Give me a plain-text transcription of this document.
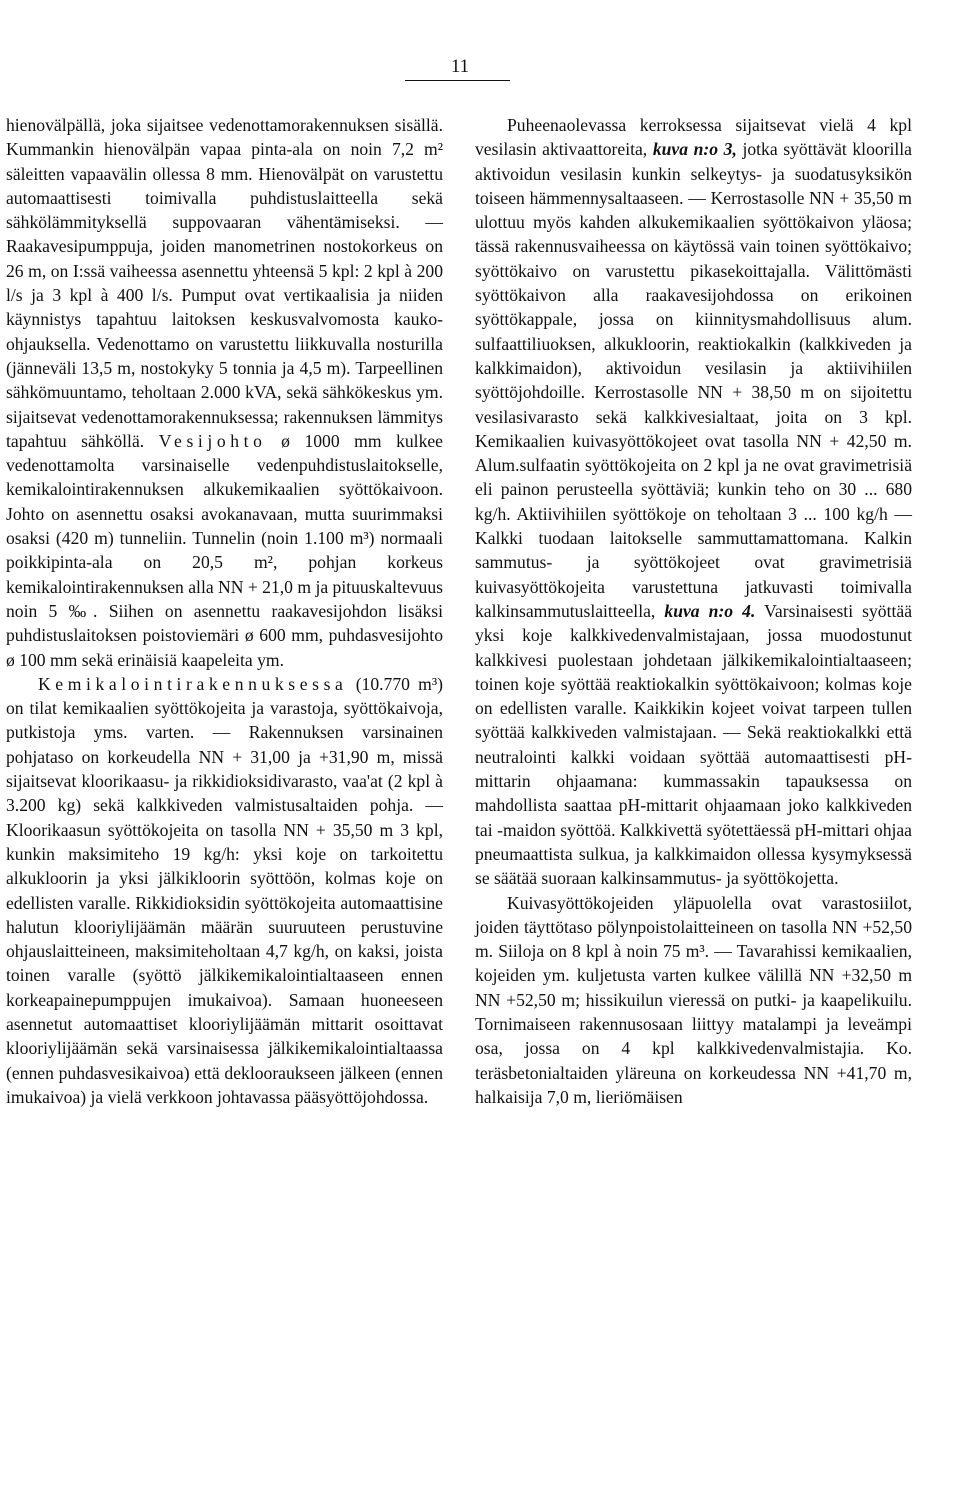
11

hienovälpällä, joka sijaitsee vedenottamorakennuksen sisällä. Kummankin hienovälpän vapaa pinta-ala on noin 7,2 m² säleitten vapaavälin ollessa 8 mm. Hienovälpät on varustettu automaattisesti toimivalla puhdistuslaitteella sekä sähkölämmityksellä suppovaaran vähentämiseksi. — Raakavesipumppuja, joiden manometrinen nostokorkeus on 26 m, on I:ssä vaiheessa asennettu yhteensä 5 kpl: 2 kpl à 200 l/s ja 3 kpl à 400 l/s. Pumput ovat vertikaalisia ja niiden käynnistys tapahtuu laitoksen keskusvalvomosta kauko-ohjauksella. Vedenottamo on varustettu liikkuvalla nosturilla (jänneväli 13,5 m, nostokyky 5 tonnia ja 4,5 m). Tarpeellinen sähkömuuntamo, teholtaan 2.000 kVA, sekä sähkökeskus ym. sijaitsevat vedenottamorakennuksessa; rakennuksen lämmitys tapahtuu sähköllä. Vesijohto ø 1000 mm kulkee vedenottamolta varsinaiselle vedenpuhdistuslaitokselle, kemikalointirakennuksen alkukemikaalien syöttökaivoon. Johto on asennettu osaksi avokanavaan, mutta suurimmaksi osaksi (420 m) tunneliin. Tunnelin (noin 1.100 m³) normaali poikkipinta-ala on 20,5 m², pohjan korkeus kemikalointirakennuksen alla NN + 21,0 m ja pituuskaltevuus noin 5 ‰. Siihen on asennettu raakavesijohdon lisäksi puhdistuslaitoksen poistoviemäri ø 600 mm, puhdasvesijohto ø 100 mm sekä erinäisiä kaapeleita ym.

Kemikalointirakennuksessa (10.770 m³) on tilat kemikaalien syöttökojeita ja varastoja, syöttökaivoja, putkistoja yms. varten. — Rakennuksen varsinainen pohjataso on korkeudella NN + 31,00 ja +31,90 m, missä sijaitsevat kloorikaasu- ja rikkidioksidivarasto, vaa'at (2 kpl à 3.200 kg) sekä kalkkiveden valmistusaltaiden pohja. — Kloorikaasun syöttökojeita on tasolla NN + 35,50 m 3 kpl, kunkin maksimiteho 19 kg/h: yksi koje on tarkoitettu alkukloorin ja yksi jälkikloorin syöttöön, kolmas koje on edellisten varalle. Rikkidioksidin syöttökojeita automaattisine halutun klooriylijäämän määrän suuruuteen perustuvine ohjauslaitteineen, maksimiteholtaan 4,7 kg/h, on kaksi, joista toinen varalle (syöttö jälkikemikalointialtaaseen ennen korkeapainepumppujen imukaivoa). Samaan huoneeseen asennetut automaattiset klooriylijäämän mittarit osoittavat klooriylijäämän sekä varsinaisessa jälkikemikalointialtaassa (ennen puhdasvesikaivoa) että deklooraukseen jälkeen (ennen imukaivoa) ja vielä verkkoon johtavassa pääsyöttöjohdossa.

Puheenaolevassa kerroksessa sijaitsevat vielä 4 kpl vesilasin aktivaattoreita, kuva n:o 3, jotka syöttävät kloorilla aktivoidun vesilasin kunkin selkeytys- ja suodatusyksikön toiseen hämmennysaltaaseen. — Kerrostasolle NN + 35,50 m ulottuu myös kahden alkukemikaalien syöttökaivon yläosa; tässä rakennusvaiheessa on käytössä vain toinen syöttökaivo; syöttökaivo on varustettu pikasekoittajalla. Välittömästi syöttökaivon alla raakavesijohdossa on erikoinen syöttökappale, jossa on kiinnitysmahdollisuus alum. sulfaattiliuoksen, alkukloorin, reaktiokalkin (kalkkiveden ja kalkkimaidon), aktivoidun vesilasin ja aktiivihiilen syöttöjohdoille. Kerrostasolle NN + 38,50 m on sijoitettu vesilasivarasto sekä kalkkivesialtaat, joita on 3 kpl. Kemikaalien kuivasyöttökojeet ovat tasolla NN + 42,50 m. Alum.sulfaatin syöttökojeita on 2 kpl ja ne ovat gravimetrisiä eli painon perusteella syöttäviä; kunkin teho on 30 ... 680 kg/h. Aktiivihiilen syöttökoje on teholtaan 3 ... 100 kg/h — Kalkki tuodaan laitokselle sammuttamattomana. Kalkin sammutus- ja syöttökojeet ovat gravimetrisiä kuivasyöttökojeita varustettuna jatkuvasti toimivalla kalkinsammutuslaitteella, kuva n:o 4. Varsinaisesti syöttää yksi koje kalkkivedenvalmistajaan, jossa muodostunut kalkkivesi puolestaan johdetaan jälkikemikalointialtaaseen; toinen koje syöttää reaktiokalkin syöttökaivoon; kolmas koje on edellisten varalle. Kaikkikin kojeet voivat tarpeen tullen syöttää kalkkiveden valmistajaan. — Sekä reaktiokalkki että neutralointi kalkki voidaan syöttää automaattisesti pH-mittarin ohjaamana: kummassakin tapauksessa on mahdollista saattaa pH-mittarit ohjaamaan joko kalkkiveden tai -maidon syöttöä. Kalkkivettä syötettäessä pH-mittari ohjaa pneumaattista sulkua, ja kalkkimaidon ollessa kysymyksessä se säätää suoraan kalkinsammutus- ja syöttökojetta.

Kuivasyöttökojeiden yläpuolella ovat varastosiilot, joiden täyttötaso pölynpoistolaitteineen on tasolla NN +52,50 m. Siiloja on 8 kpl à noin 75 m³. — Tavarahissi kemikaalien, kojeiden ym. kuljetusta varten kulkee välillä NN +32,50 m NN +52,50 m; hissikuilun vieressä on putki- ja kaapelikuilu. Tornimaiseen rakennusosaan liittyy matalampi ja leveämpi osa, jossa on 4 kpl kalkkivedenvalmistajia. Ko. teräsbetonialtaiden yläreuna on korkeudessa NN +41,70 m, halkaisija 7,0 m, lieriömäisen
